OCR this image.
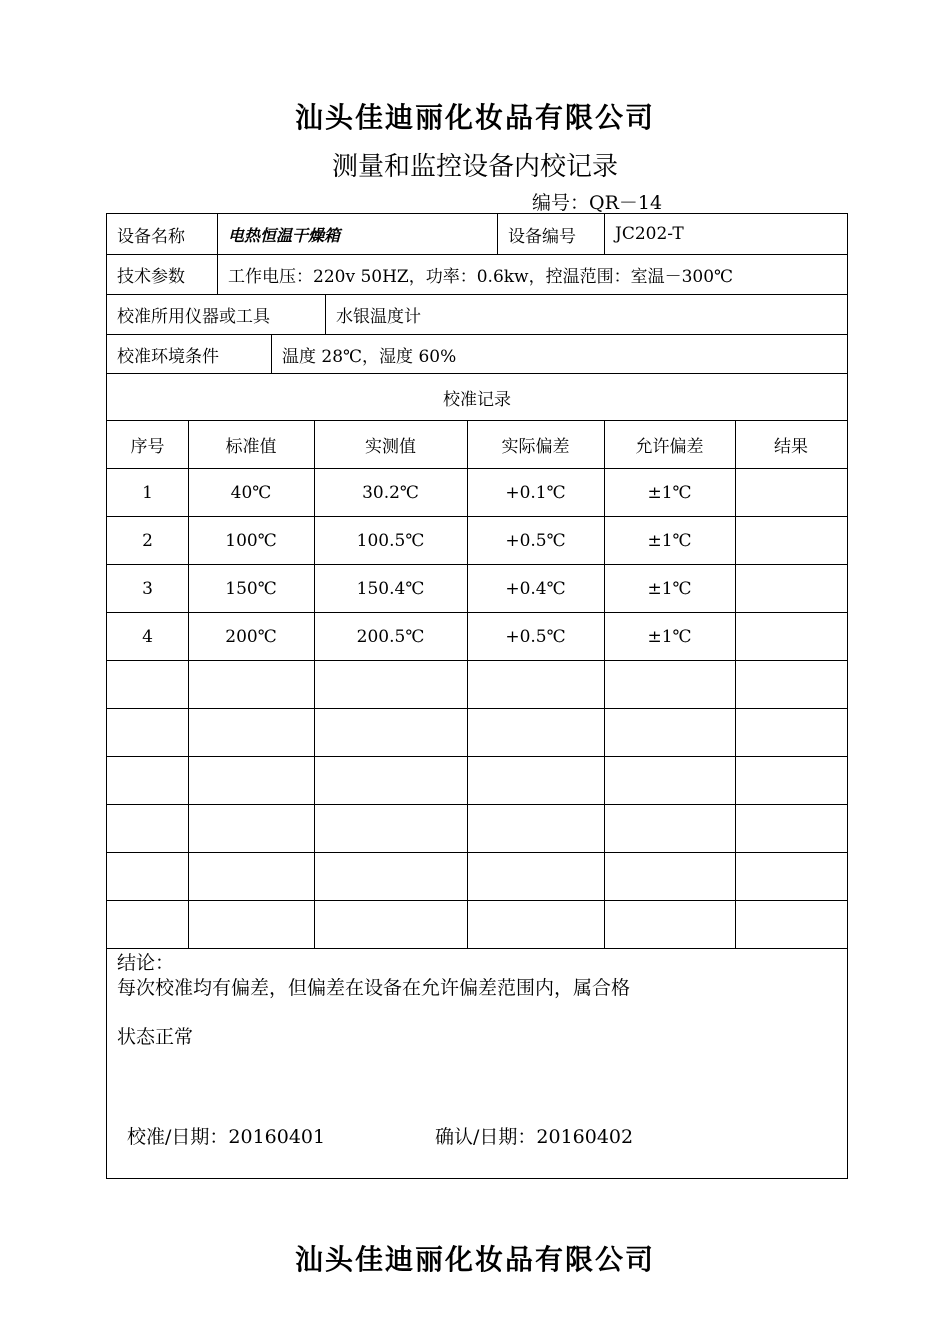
汕头佳迪丽化妆品有限公司
测量和监控设备内校记录
编号：QR－14
设备名称	电热恒温干燥箱	设备编号	JC202-T
技术参数	工作电压：220v 50HZ，功率：0.6kw，控温范围：室温－300℃
校准所用仪器或工具	水银温度计
校准环境条件	温度 28℃，湿度 60%
校准记录
序号	标准值	实测值	实际偏差	允许偏差	结果
1	40℃	30.2℃	+0.1℃	±1℃
2	100℃	100.5℃	+0.5℃	±1℃
3	150℃	150.4℃	+0.4℃	±1℃
4	200℃	200.5℃	+0.5℃	±1℃
结论：
每次校准均有偏差，但偏差在设备在允许偏差范围内，属合格
状态正常
校准/日期：20160401	确认/日期：20160402
汕头佳迪丽化妆品有限公司
